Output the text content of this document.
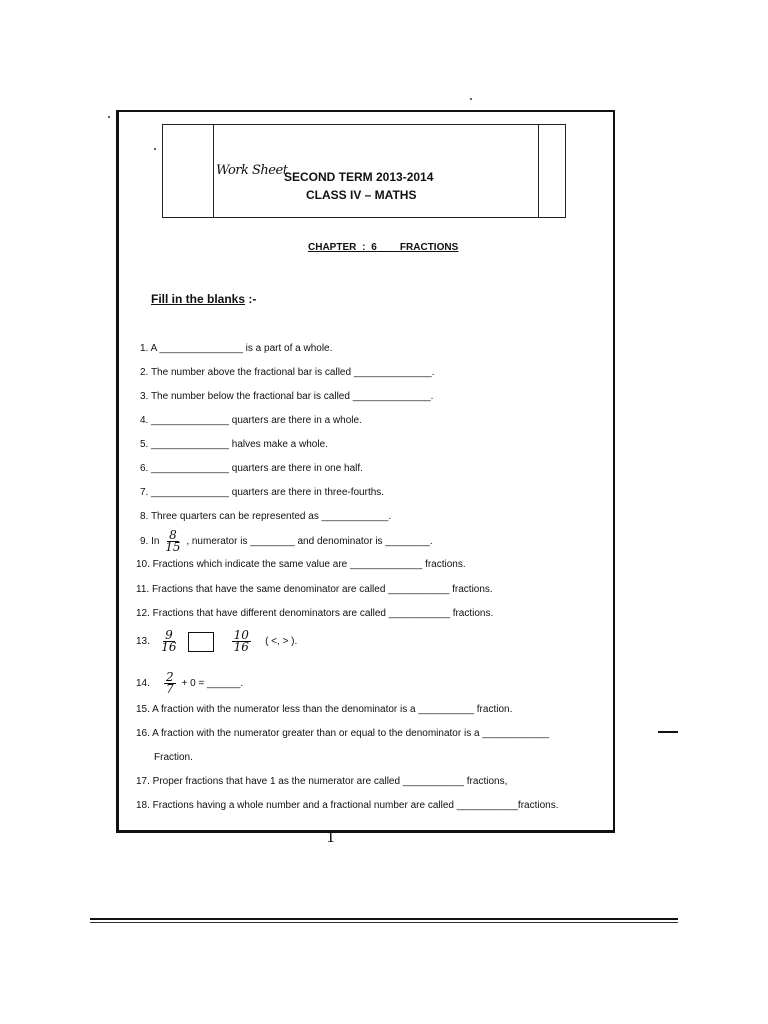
Work Sheet
SECOND TERM 2013-2014
CLASS IV – MATHS
CHAPTER : 6 FRACTIONS
Fill in the blanks :-
1. A _______________ is a part of a whole.
2. The number above the fractional bar is called ______________.
3. The number below the fractional bar is called ______________.
4. ______________ quarters are there in a whole.
5. ______________ halves make a whole.
6. ______________ quarters are there in one half.
7. ______________ quarters are there in three-fourths.
8. Three quarters can be represented as ____________.
9. In $\frac{8}{15}$ , numerator is ________ and denominator is ________.
10. Fractions which indicate the same value are _____________ fractions.
11. Fractions that have the same denominator are called ___________ fractions.
12. Fractions that have different denominators are called ___________ fractions.
13. $\frac{9}{16}$
	$\frac{10}{16}$ ( <, > ).
14. $\frac{2}{7} + 0$ = ______.
15. A fraction with the numerator less than the denominator is a __________ fraction.
16. A fraction with the numerator greater than or equal to the denominator is a ____________
Fraction.
17. Proper fractions that have 1 as the numerator are called ___________ fractions,
18. Fractions having a whole number and a fractional number are called ___________fractions.
1
